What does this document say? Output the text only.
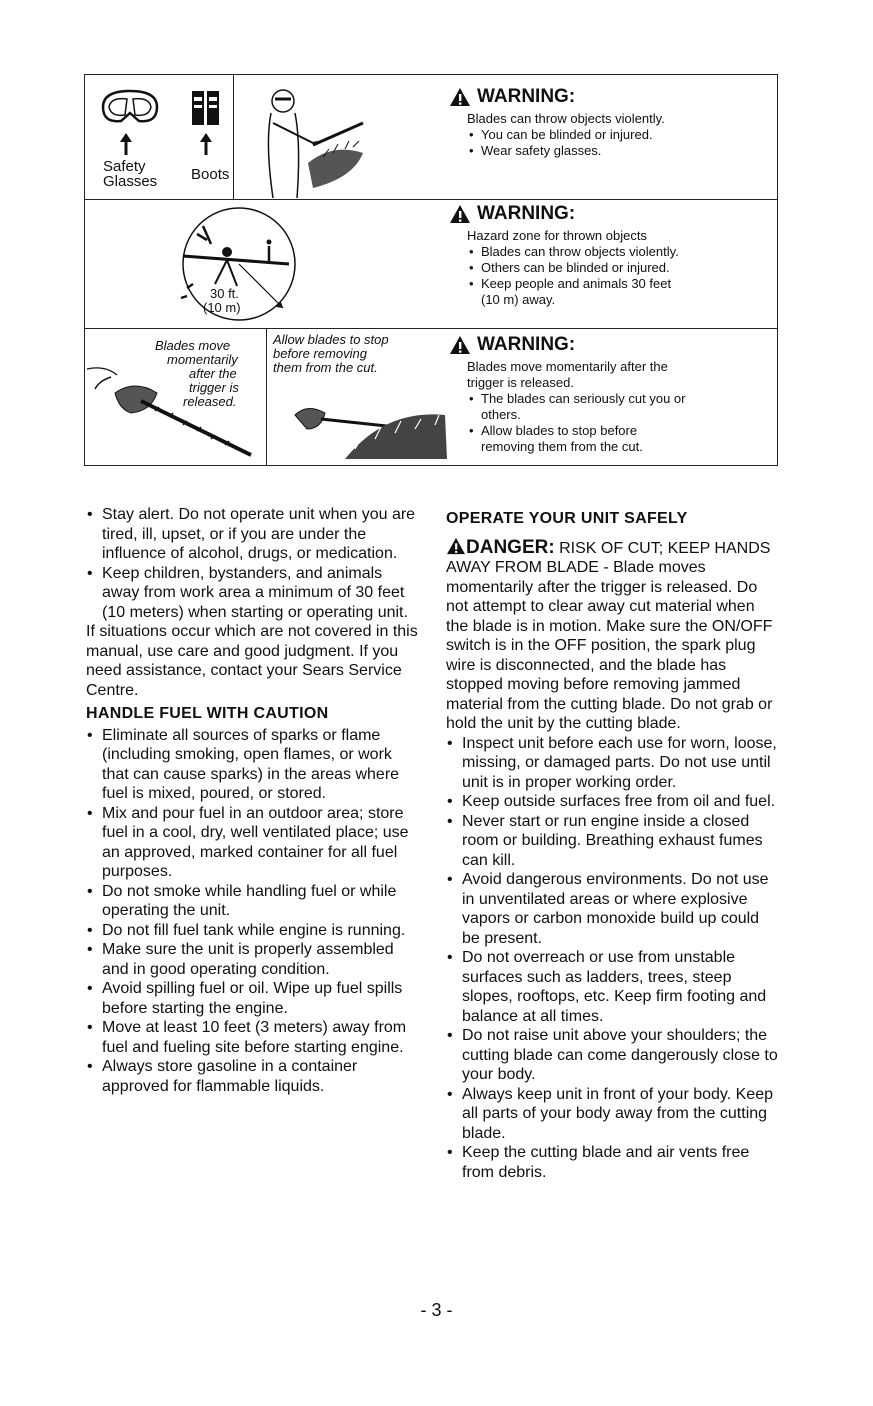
Safety
Glasses Boots
WARNING:
Blades can throw objects violently.
• You can be blinded or injured.
• Wear safety glasses.
30 ft.
(10 m)
WARNING:
Hazard zone for thrown objects
• Blades can throw objects violently.
• Others can be blinded or injured.
• Keep people and animals 30 feet
(10 m) away.
Blades move
momentarily
after the
trigger is
released.
Allow blades to stop
before removing
them from the cut.
WARNING:
Blades move momentarily after the
trigger is released.
• The blades can seriously cut you or
others.
• Allow blades to stop before
removing them from the cut.
• Stay alert. Do not operate unit when you are tired, ill, upset, or if you are under the influence of alcohol, drugs, or medication.
• Keep children, bystanders, and animals away from work area a minimum of 30 feet (10 meters) when starting or operating unit.

If situations occur which are not covered in this manual, use care and good judgment. If you need assistance, contact your Sears Service Centre.

HANDLE FUEL WITH CAUTION

• Eliminate all sources of sparks or flame (including smoking, open flames, or work that can cause sparks) in the areas where fuel is mixed, poured, or stored.
• Mix and pour fuel in an outdoor area; store fuel in a cool, dry, well ventilated place; use an approved, marked container for all fuel purposes.
• Do not smoke while handling fuel or while operating the unit.
• Do not fill fuel tank while engine is running.
• Make sure the unit is properly assembled and in good operating condition.
• Avoid spilling fuel or oil. Wipe up fuel spills before starting the engine.
• Move at least 10 feet (3 meters) away from fuel and fueling site before starting engine.
• Always store gasoline in a container approved for flammable liquids.

OPERATE YOUR UNIT SAFELY

DANGER: RISK OF CUT; KEEP HANDS AWAY FROM BLADE - Blade moves momentarily after the trigger is released. Do not attempt to clear away cut material when the blade is in motion. Make sure the ON/OFF switch is in the OFF position, the spark plug wire is disconnected, and the blade has stopped moving before removing jammed material from the cutting blade. Do not grab or hold the unit by the cutting blade.

• Inspect unit before each use for worn, loose, missing, or damaged parts. Do not use until unit is in proper working order.
• Keep outside surfaces free from oil and fuel.
• Never start or run engine inside a closed room or building. Breathing exhaust fumes can kill.
• Avoid dangerous environments. Do not use in unventilated areas or where explosive vapors or carbon monoxide build up could be present.
• Do not overreach or use from unstable surfaces such as ladders, trees, steep slopes, rooftops, etc. Keep firm footing and balance at all times.
• Do not raise unit above your shoulders; the cutting blade can come dangerously close to your body.
• Always keep unit in front of your body. Keep all parts of your body away from the cutting blade.
• Keep the cutting blade and air vents free from debris.
- 3 -
